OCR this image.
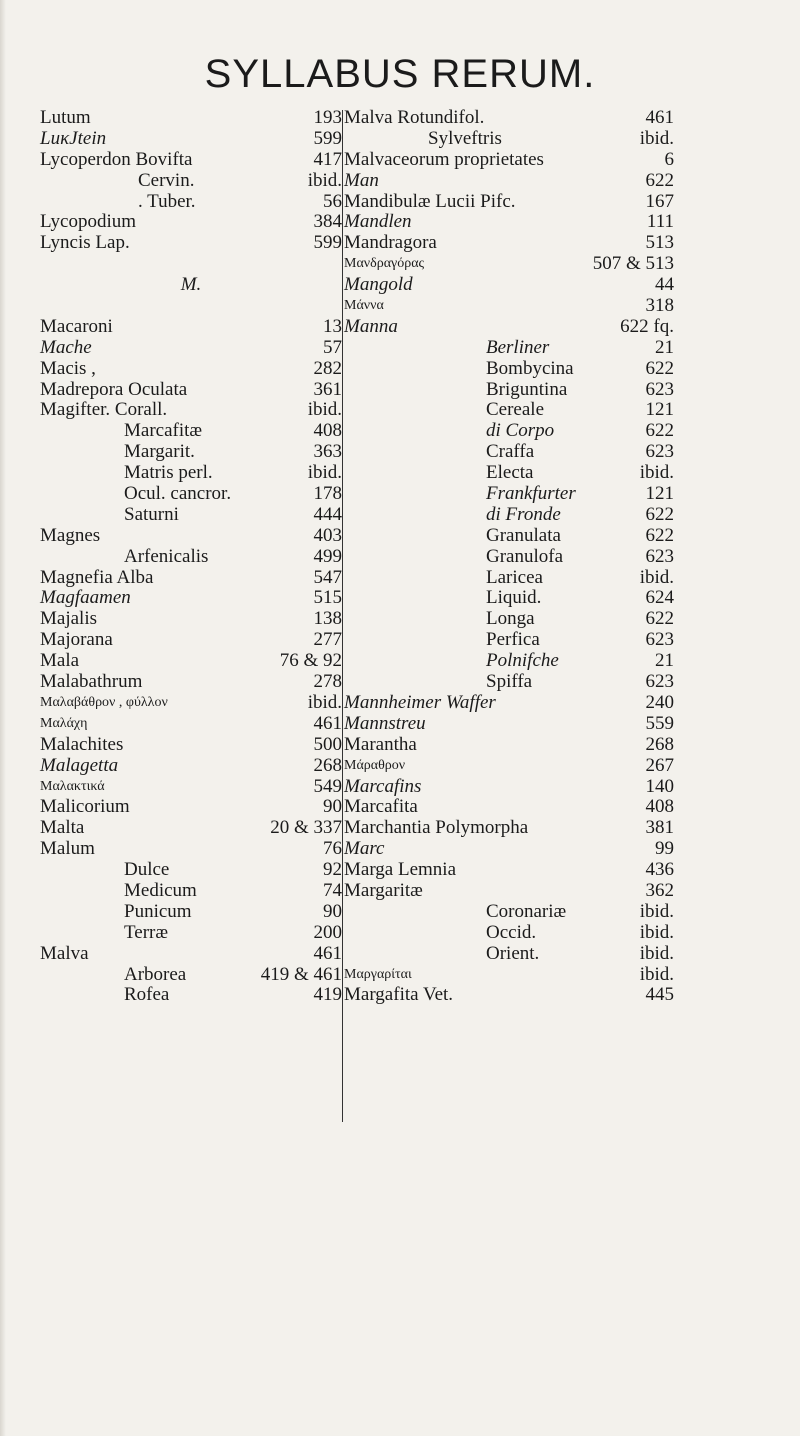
SYLLABUS RERUM.
Lutum	193
LuκJtein	599
Lycoperdon Bovifta	417
Cervin.	ibid.
. Tuber.	56
Lycopodium	384
Lyncis Lap.	599
M.
Macaroni	13
Mache	57
Macis ,	282
Madrepora Oculata	361
Magifter. Corall.	ibid.
Marcafitæ	408
Margarit.	363
Matris perl.	ibid.
Ocul. cancror.	178
Saturni	444
Magnes	403
Arfenicalis	499
Magnefia Alba	547
Magfaamen	515
Majalis	138
Majorana	277
Mala	76 & 92
Malabathrum	278
Μαλαβάθρον , φύλλον	ibid.
Μαλάχη	461
Malachites	500
Malagetta	268
Μαλακτικά	549
Malicorium	90
Malta	20 & 337
Malum	76
Dulce	92
Medicum	74
Punicum	90
Terræ	200
Malva	461
Arborea	419 & 461
Rofea	419
Malva Rotundifol.	461
Sylveftris	ibid.
Malvaceorum proprietates	6
Man	622
Mandibulæ Lucii Pifc.	167
Mandlen	111
Mandragora	513
Μανδραγόρας	507 & 513
Mangold	44
Μάννα	318
Manna	622 fq.
Berliner	21
Bombycina	622
Briguntina	623
Cereale	121
di Corpo	622
Craffa	623
Electa	ibid.
Frankfurter	121
di Fronde	622
Granulata	622
Granulofa	623
Laricea	ibid.
Liquid.	624
Longa	622
Perfica	623
Polnifche	21
Spiffa	623
Mannheimer Waffer	240
Mannstreu	559
Marantha	268
Μάραθρον	267
Marcafins	140
Marcafita	408
Marchantia Polymorpha	381
Marc	99
Marga Lemnia	436
Margaritæ	362
Coronariæ	ibid.
Occid.	ibid.
Orient.	ibid.
Μαργαρίται	ibid.
Margafita Vet.	445
